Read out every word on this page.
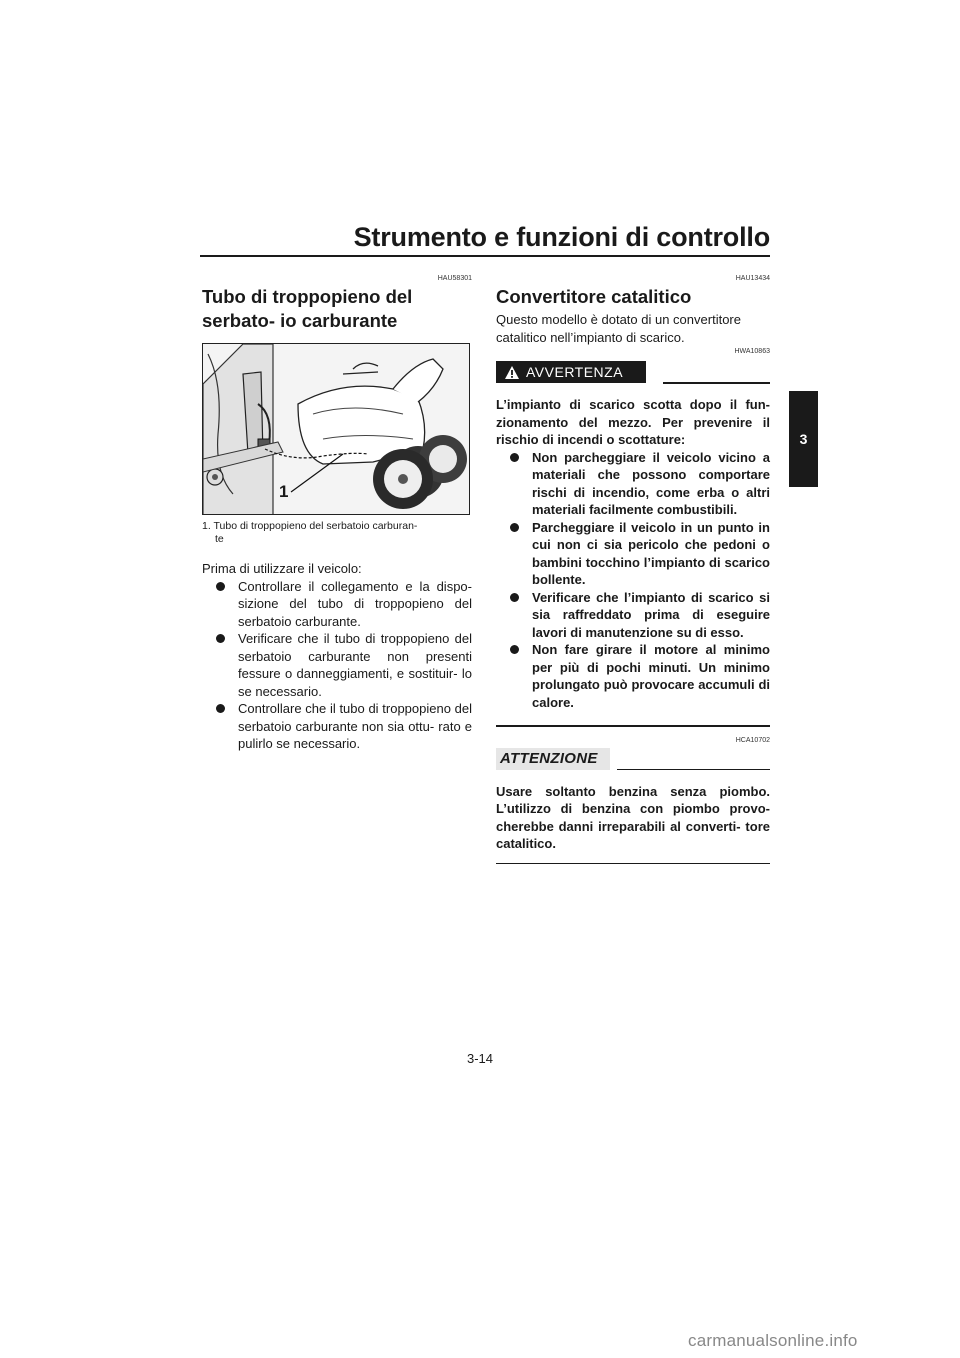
Strumento e funzioni di controllo
3
HAU58301
Tubo di troppopieno del serbato- io carburante
1
1. Tubo di troppopieno del serbatoio carburan-
te

Prima di utilizzare il veicolo:

Controllare il collegamento e la dispo- sizione del tubo di troppopieno del serbatoio carburante.
Verificare che il tubo di troppopieno del serbatoio carburante non presenti fessure o danneggiamenti, e sostituir- lo se necessario.
Controllare che il tubo di troppopieno del serbatoio carburante non sia ottu- rato e pulirlo se necessario.
HAU13434
Convertitore catalitico

Questo modello è dotato di un convertitore catalitico nell’impianto di scarico.

HWA10863
AVVERTENZA

L’impianto di scarico scotta dopo il fun- zionamento del mezzo. Per prevenire il rischio di incendi o scottature:

Non parcheggiare il veicolo vicino a materiali che possono comportare rischi di incendio, come erba o altri materiali facilmente combustibili.
Parcheggiare il veicolo in un punto in cui non ci sia pericolo che pedoni o bambini tocchino l’impianto di scarico bollente.
Verificare che l’impianto di scarico si sia raffreddato prima di eseguire lavori di manutenzione su di esso.
Non fare girare il motore al minimo per più di pochi minuti. Un minimo prolungato può provocare accumuli di calore.
HCA10702
ATTENZIONE

Usare soltanto benzina senza piombo. L’utilizzo di benzina con piombo provo- cherebbe danni irreparabili al converti- tore catalitico.

3-14
carmanualsonline.info
